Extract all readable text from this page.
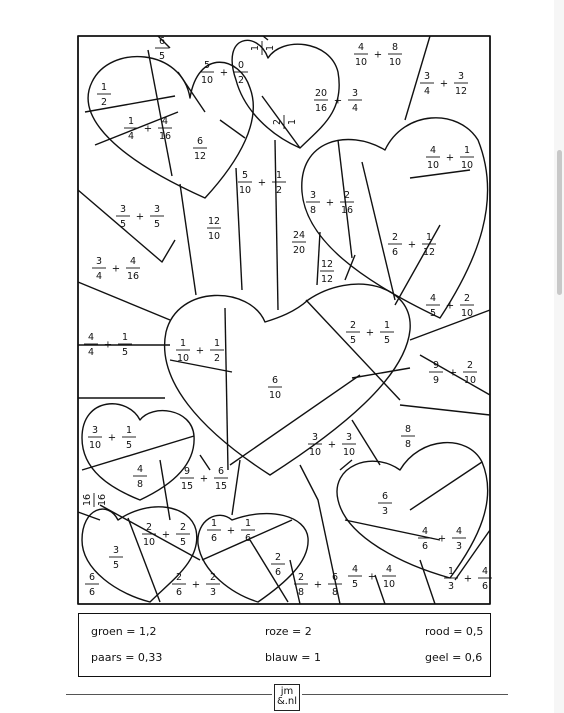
6
5
1 1	4
10
+
8
10
5
10
+
0
2
1
2
20
16
+
3
4
3
4
+
3
12
2 1
1
4
+
4
16	6
12
4
10
+
1
10
5
10
+
1
2	3
8
+
2
16
3
5
+
3
5	12
10	24
20
2
6
+
1
12
3
4
+
4
16
12
12
4
5
+
2
10
2
5
+
1
5
4
4
+
1
5
1
10
+
1
2
9
9
+
2
10
6
10
3
10
+
1
5
8
8
3
10
+
3
10
4
8
9
15
+
6
15
6
3
16 16
2
10
+
2
5
1
6
+
1
6
4
6
+
4
3
3
5
2
6
6
6
2
6
+
2
3
2
8
+
6
8
4
5
+
4
10
1
3
+
4
6
groen = 1,2	roze = 2	rood = 0,5
paars = 0,33	blauw = 1	geel = 0,6
jm
&.nl
